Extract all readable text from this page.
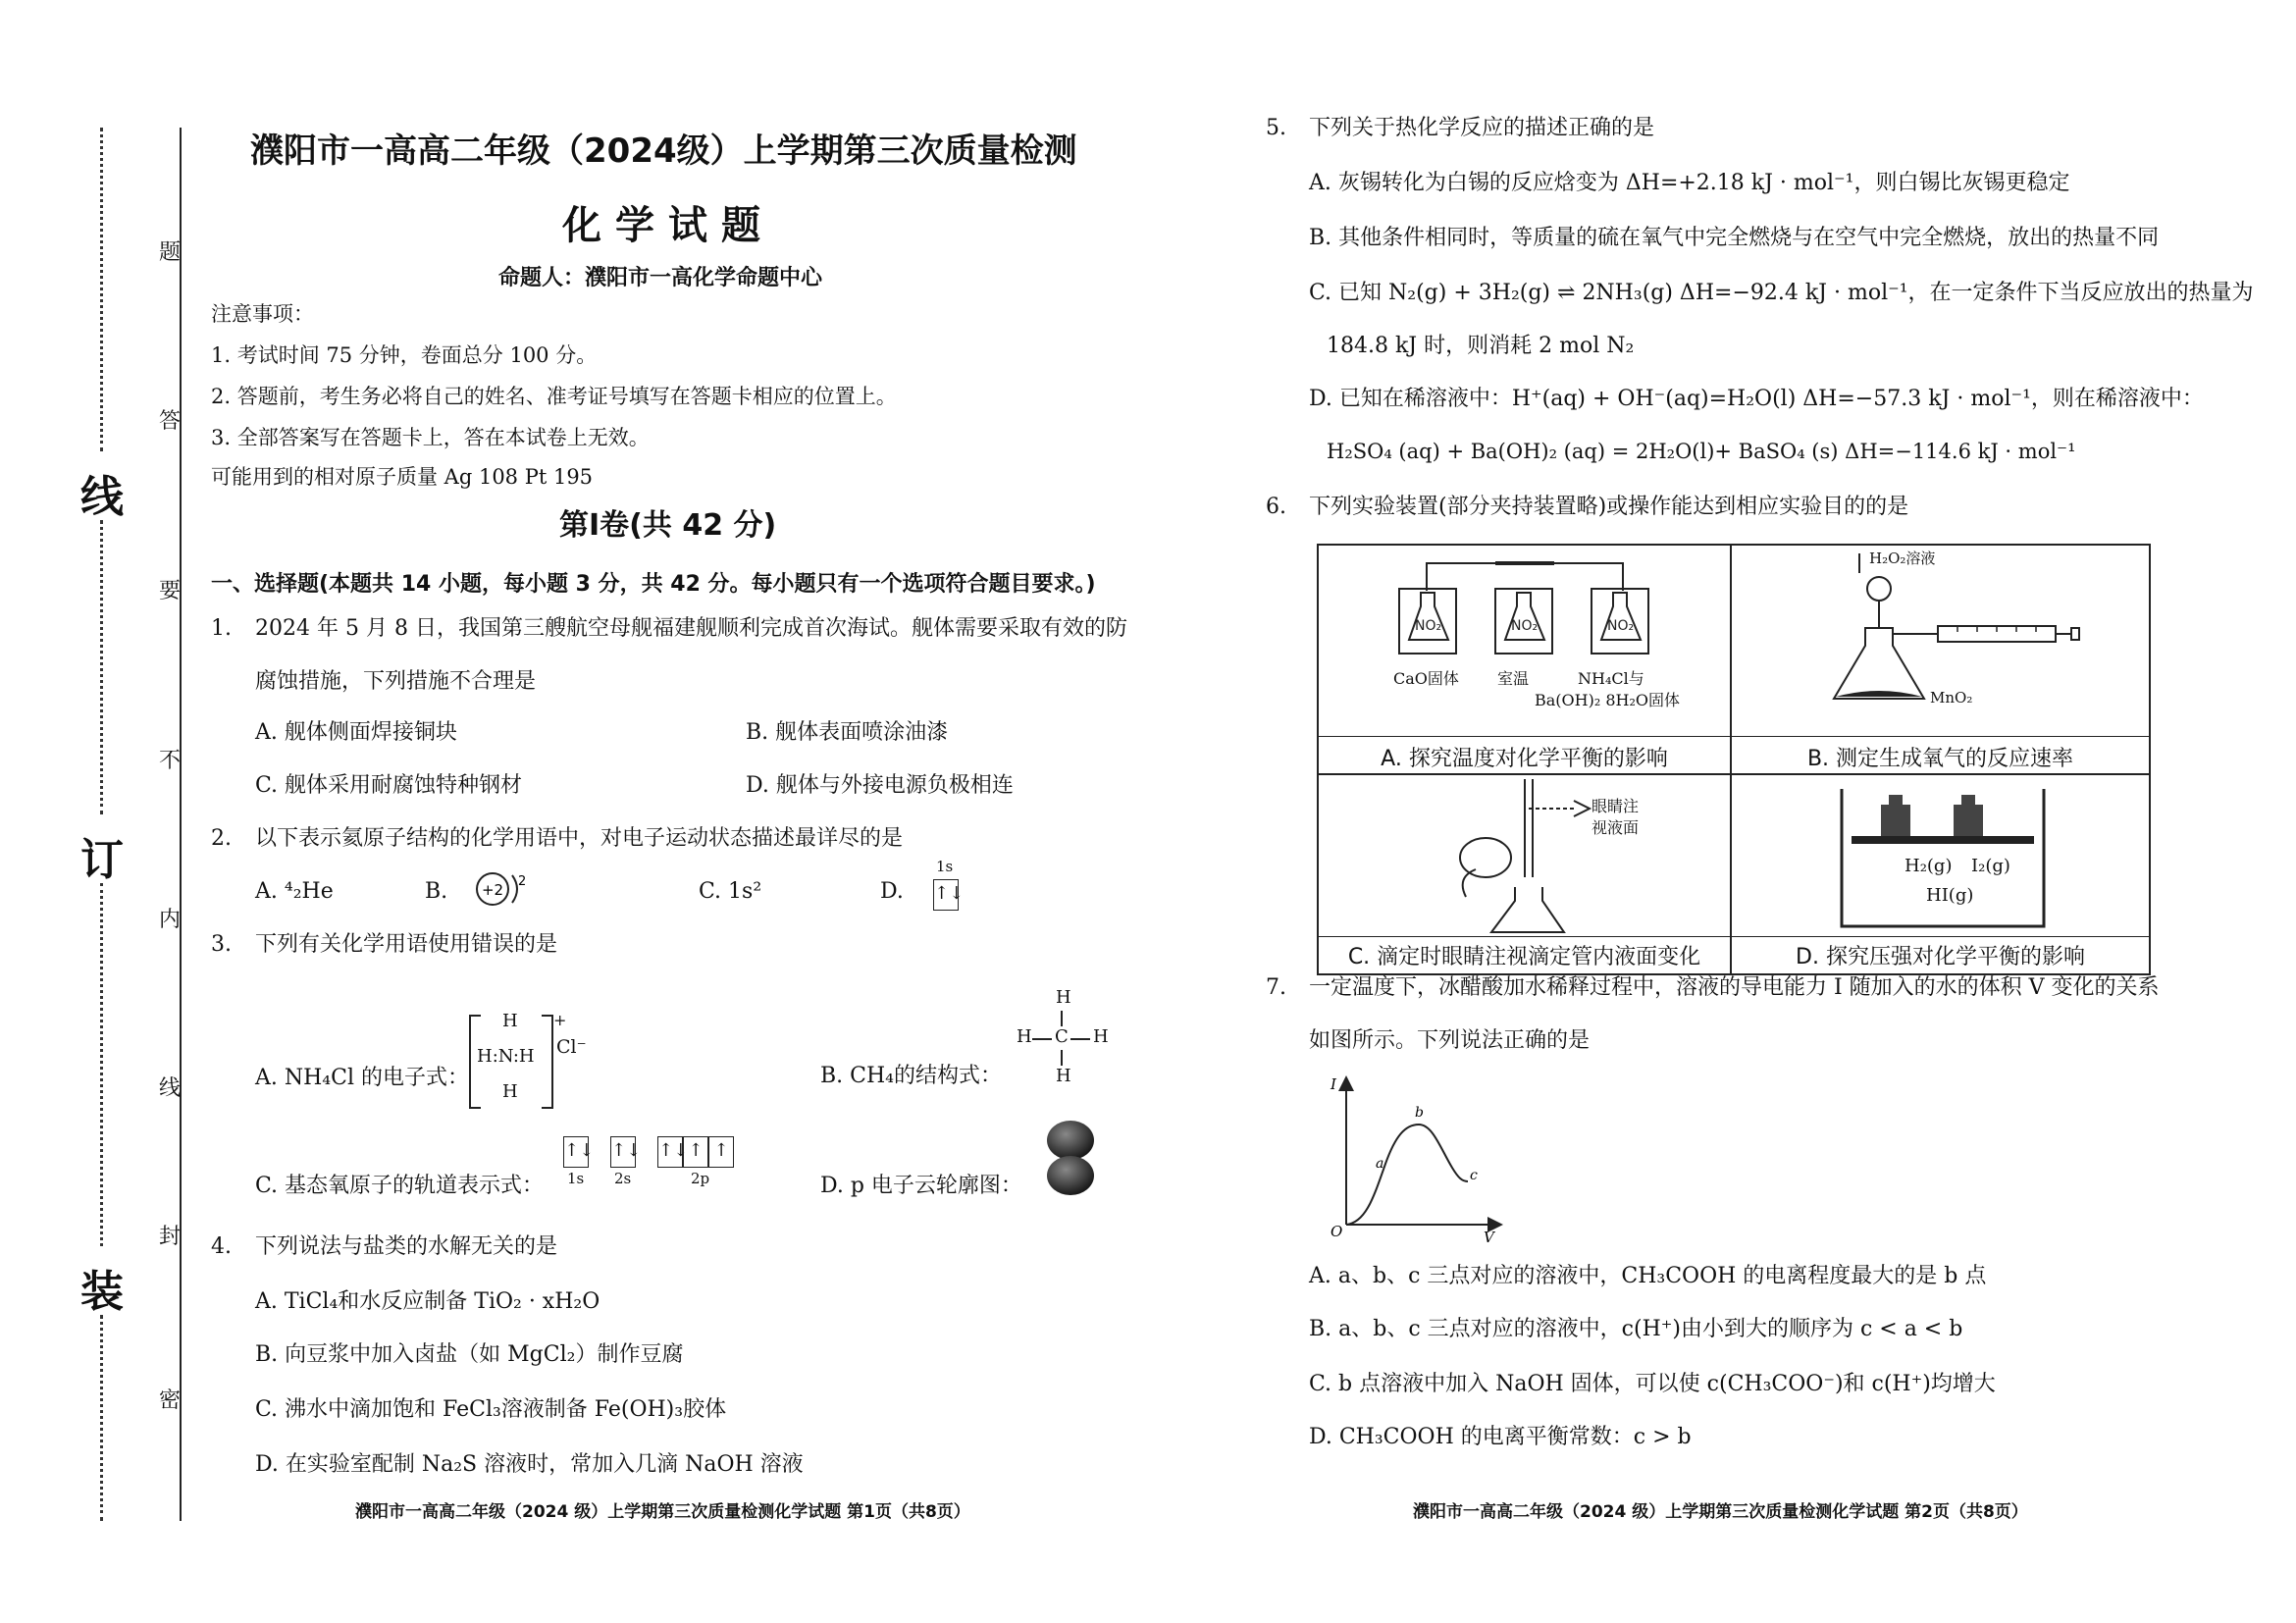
线
订
装
题
答
要
不
内
线
封
密
濮阳市一高高二年级（2024级）上学期第三次质量检测
化学试题
命题人：濮阳市一高化学命题中心
注意事项：
1. 考试时间 75 分钟，卷面总分 100 分。
2. 答题前，考生务必将自己的姓名、准考证号填写在答题卡相应的位置上。
3. 全部答案写在答题卡上，答在本试卷上无效。
可能用到的相对原子质量 Ag 108 Pt 195
第Ⅰ卷(共 42 分)
一、选择题(本题共 14 小题，每小题 3 分，共 42 分。每小题只有一个选项符合题目要求。)
1. 2024 年 5 月 8 日，我国第三艘航空母舰福建舰顺利完成首次海试。舰体需要采取有效的防
腐蚀措施，下列措施不合理是
A. 舰体侧面焊接铜块	B. 舰体表面喷涂油漆
C. 舰体采用耐腐蚀特种钢材	D. 舰体与外接电源负极相连
2. 以下表示氦原子结构的化学用语中，对电子运动状态描述最详尽的是
A. ⁴₂He	B. +2 2	C. 1s²	D.
1s
↑↓
3. 下列有关化学用语使用错误的是
A. NH₄Cl 的电子式：
H
H:N:H
H
+
Cl⁻
B. CH₄的结构式：
H
H C H
H
C. 基态氧原子的轨道表示式：
↑↓ ↑↓ ↑↓ ↑ ↑
1s 2s	2p	D. p 电子云轮廓图：
4. 下列说法与盐类的水解无关的是
A. TiCl₄和水反应制备 TiO₂ · xH₂O
B. 向豆浆中加入卤盐（如 MgCl₂）制作豆腐
C. 沸水中滴加饱和 FeCl₃溶液制备 Fe(OH)₃胶体
D. 在实验室配制 Na₂S 溶液时，常加入几滴 NaOH 溶液
濮阳市一高高二年级（2024 级）上学期第三次质量检测化学试题 第1页（共8页）
5. 下列关于热化学反应的描述正确的是
A. 灰锡转化为白锡的反应焓变为 ΔH=+2.18 kJ · mol⁻¹，则白锡比灰锡更稳定
B. 其他条件相同时，等质量的硫在氧气中完全燃烧与在空气中完全燃烧，放出的热量不同
C. 已知 N₂(g) + 3H₂(g) ⇌ 2NH₃(g) ΔH=−92.4 kJ · mol⁻¹，在一定条件下当反应放出的热量为
184.8 kJ 时，则消耗 2 mol N₂
D. 已知在稀溶液中：H⁺(aq) + OH⁻(aq)=H₂O(l) ΔH=−57.3 kJ · mol⁻¹，则在稀溶液中：
H₂SO₄ (aq) + Ba(OH)₂ (aq) = 2H₂O(l)+ BaSO₄ (s) ΔH=−114.6 kJ · mol⁻¹
6. 下列实验装置(部分夹持装置略)或操作能达到相应实验目的的是
NO₂	NO₂	NO₂
CaO固体 室温	NH₄Cl与
Ba(OH)₂ 8H₂O固体
A. 探究温度对化学平衡的影响
H₂O₂溶液
MnO₂
B. 测定生成氧气的反应速率
眼睛注
视液面
C. 滴定时眼睛注视滴定管内液面变化
H₂(g) I₂(g)
HI(g)
D. 探究压强对化学平衡的影响
7. 一定温度下，冰醋酸加水稀释过程中，溶液的导电能力 I 随加入的水的体积 V 变化的关系
如图所示。下列说法正确的是
I
V
O
a
b
c
A. a、b、c 三点对应的溶液中，CH₃COOH 的电离程度最大的是 b 点
B. a、b、c 三点对应的溶液中，c(H⁺)由小到大的顺序为 c < a < b
C. b 点溶液中加入 NaOH 固体，可以使 c(CH₃COO⁻)和 c(H⁺)均增大
D. CH₃COOH 的电离平衡常数：c > b
濮阳市一高高二年级（2024 级）上学期第三次质量检测化学试题 第2页（共8页）
